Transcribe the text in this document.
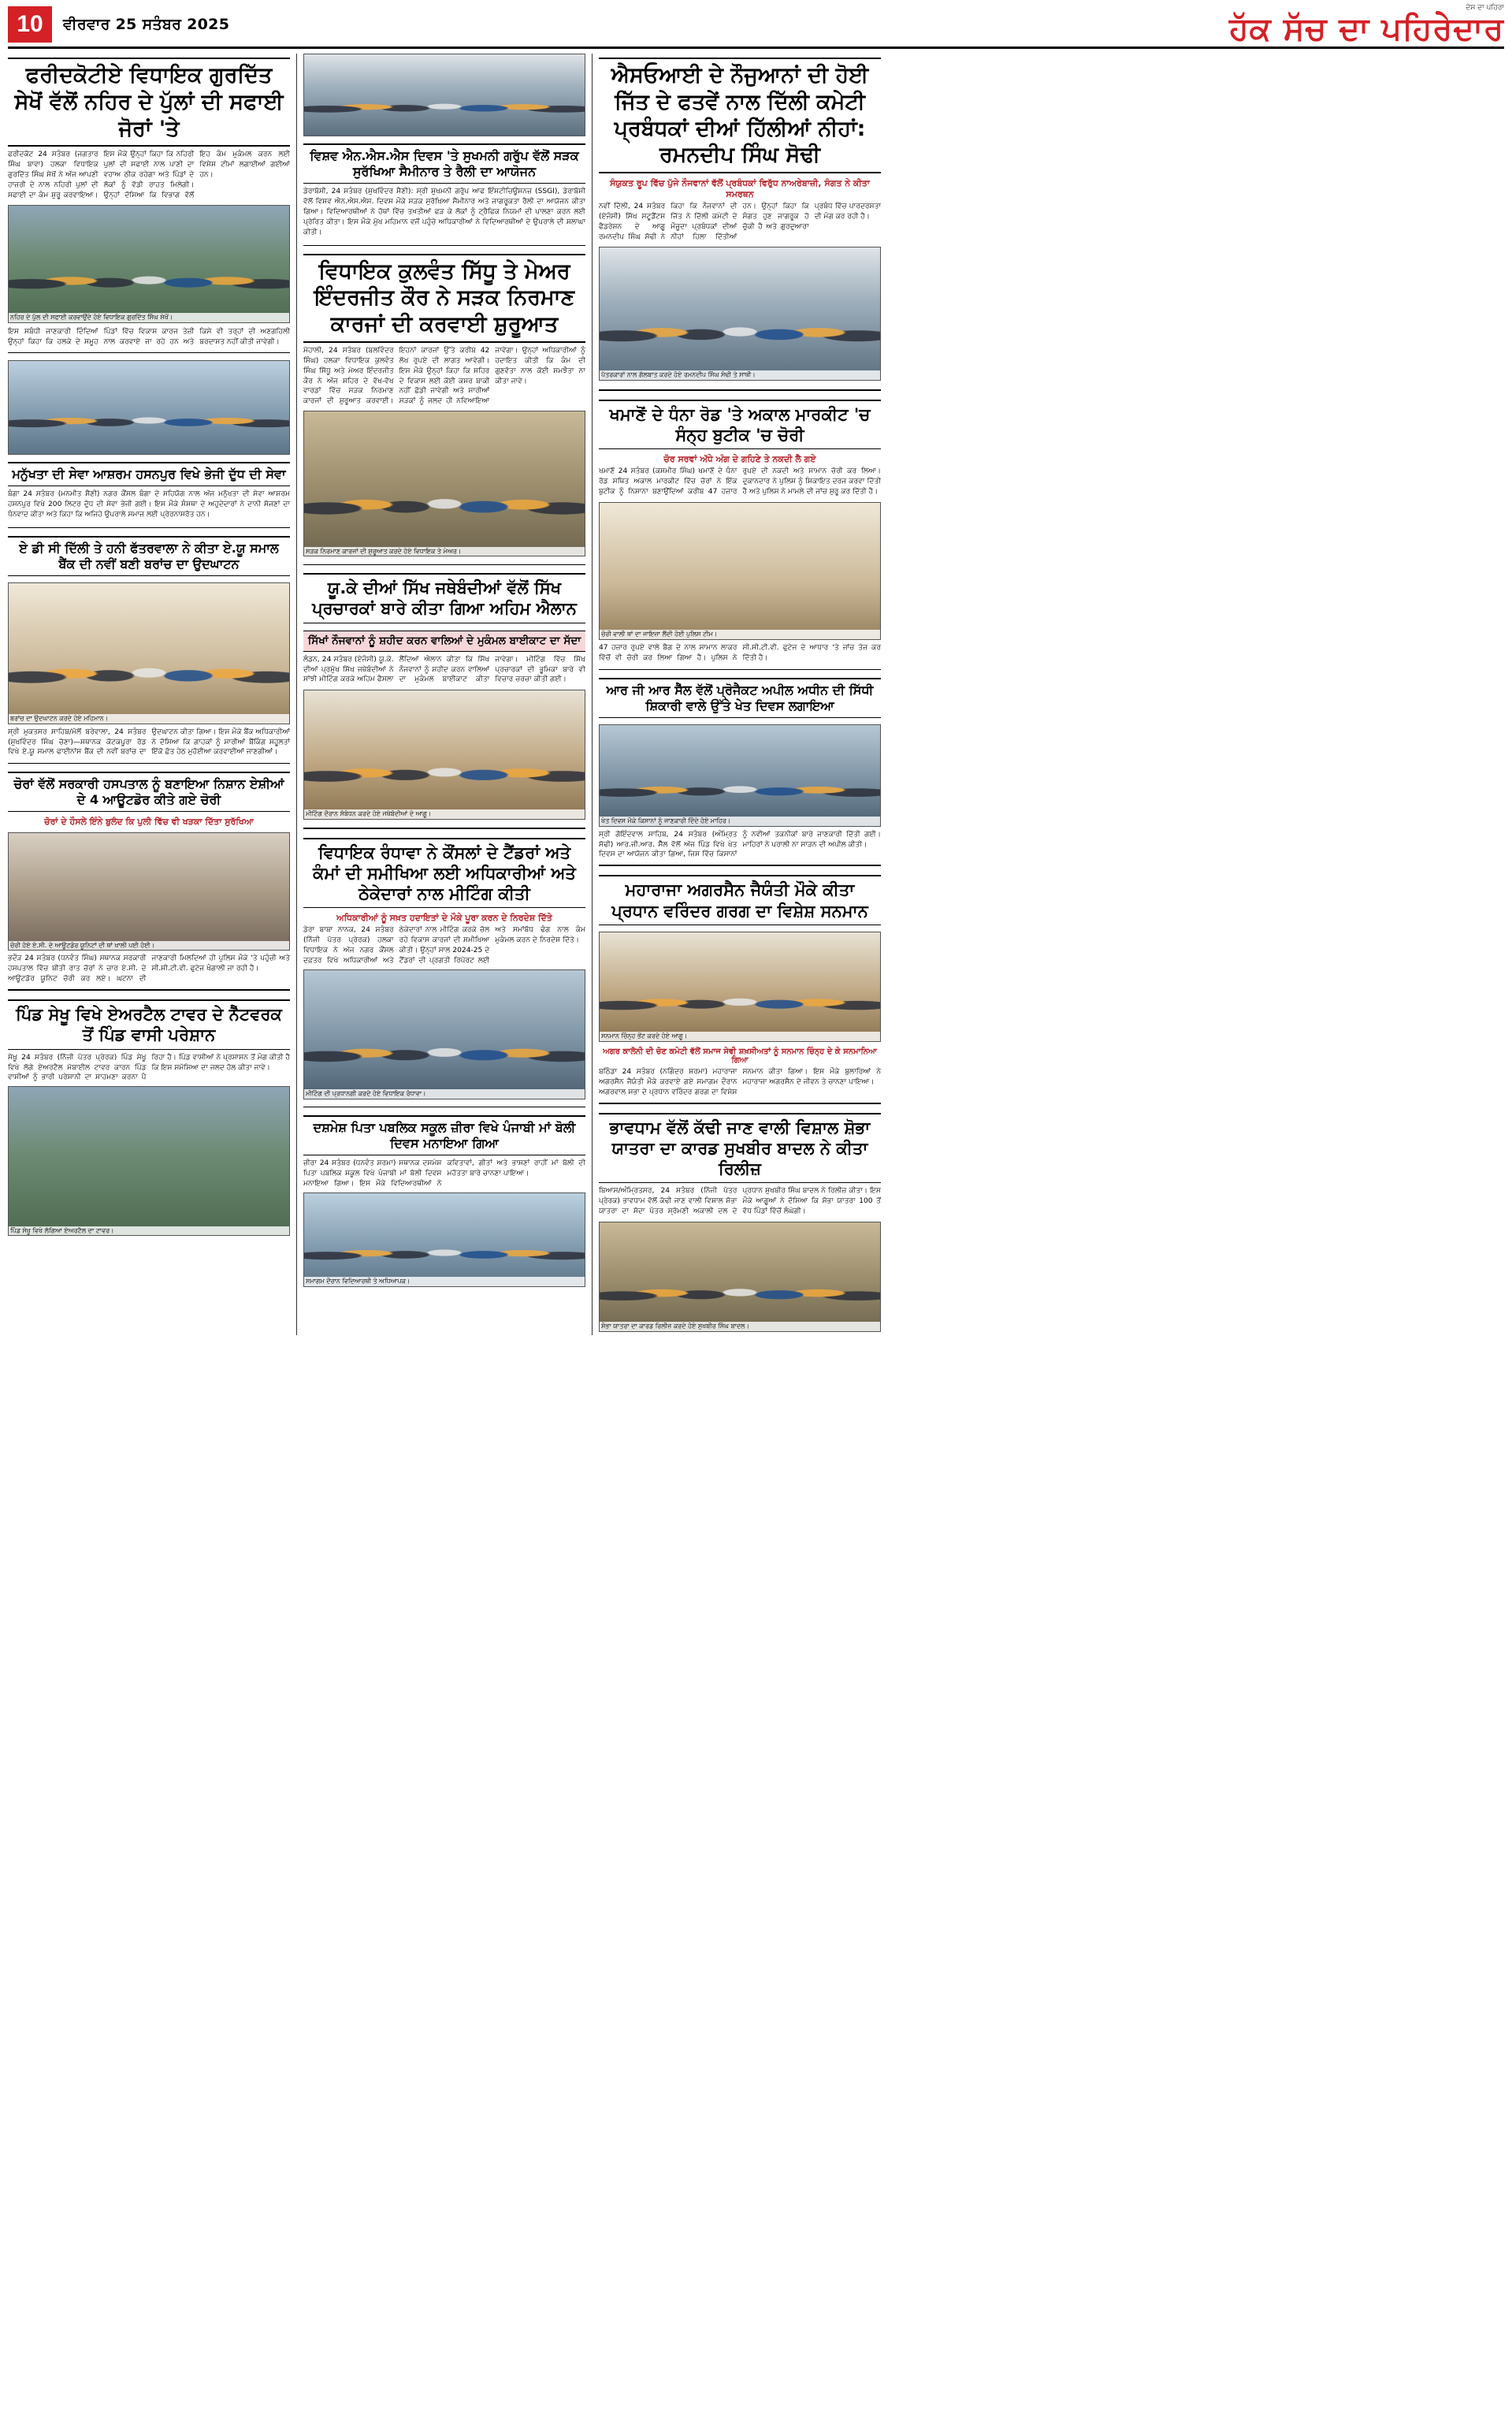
10	ਵੀਰਵਾਰ 25 ਸਤੰਬਰ 2025
ਦੇਸ ਦਾ ਪਹਿਰਾ
ਹੱਕ ਸੱਚ ਦਾ ਪਹਿਰੇਦਾਰ
ਫਰੀਦਕੋਟੀਏ ਵਿਧਾਇਕ ਗੁਰਦਿੱਤ ਸੇਖੋਂ ਵੱਲੋਂ ਨਹਿਰ ਦੇ ਪੁੱਲਾਂ ਦੀ ਸਫਾਈ ਜੋਰਾਂ 'ਤੇ

ਫਰੀਦਕੋਟ 24 ਸਤੰਬਰ (ਜਗਤਾਰ ਸਿੰਘ ਬਾਵਾ) ਹਲਕਾ ਵਿਧਾਇਕ ਗੁਰਦਿੱਤ ਸਿੰਘ ਸੇਖੋਂ ਨੇ ਅੱਜ ਆਪਣੀ ਹਾਜ਼ਰੀ ਦੇ ਨਾਲ ਨਹਿਰੀ ਪੁਲਾਂ ਦੀ ਸਫਾਈ ਦਾ ਕੰਮ ਸ਼ੁਰੂ ਕਰਵਾਇਆ। ਇਸ ਮੌਕੇ ਉਨ੍ਹਾਂ ਕਿਹਾ ਕਿ ਨਹਿਰੀ ਪੁਲਾਂ ਦੀ ਸਫਾਈ ਨਾਲ ਪਾਣੀ ਦਾ ਵਹਾਅ ਠੀਕ ਰਹੇਗਾ ਅਤੇ ਪਿੰਡਾਂ ਦੇ ਲੋਕਾਂ ਨੂੰ ਵੱਡੀ ਰਾਹਤ ਮਿਲੇਗੀ। ਉਨ੍ਹਾਂ ਦੱਸਿਆ ਕਿ ਵਿਭਾਗ ਵੱਲੋਂ ਇਹ ਕੰਮ ਮੁਕੰਮਲ ਕਰਨ ਲਈ ਵਿਸ਼ੇਸ਼ ਟੀਮਾਂ ਲਗਾਈਆਂ ਗਈਆਂ ਹਨ।

ਨਹਿਰ ਦੇ ਪੁੱਲ ਦੀ ਸਫਾਈ ਕਰਵਾਉਂਦੇ ਹੋਏ ਵਿਧਾਇਕ ਗੁਰਦਿੱਤ ਸਿੰਘ ਸੇਖੋਂ।

ਇਸ ਸਬੰਧੀ ਜਾਣਕਾਰੀ ਦਿੰਦਿਆਂ ਉਨ੍ਹਾਂ ਕਿਹਾ ਕਿ ਹਲਕੇ ਦੇ ਸਮੂਹ ਪਿੰਡਾਂ ਵਿੱਚ ਵਿਕਾਸ ਕਾਰਜ ਤੇਜ਼ੀ ਨਾਲ ਕਰਵਾਏ ਜਾ ਰਹੇ ਹਨ ਅਤੇ ਕਿਸੇ ਵੀ ਤਰ੍ਹਾਂ ਦੀ ਅਣਗਹਿਲੀ ਬਰਦਾਸ਼ਤ ਨਹੀਂ ਕੀਤੀ ਜਾਵੇਗੀ।

ਮਨੁੱਖਤਾ ਦੀ ਸੇਵਾ ਆਸ਼ਰਮ ਹਸਨਪੁਰ ਵਿਖੇ ਭੇਜੀ ਦੁੱਧ ਦੀ ਸੇਵਾ

ਬੰਗਾ 24 ਸਤੰਬਰ (ਮਨਮੀਤ ਸੈਣੀ) ਨਗਰ ਕੌਂਸਲ ਬੰਗਾ ਦੇ ਸਹਿਯੋਗ ਨਾਲ ਅੱਜ ਮਨੁੱਖਤਾ ਦੀ ਸੇਵਾ ਆਸ਼ਰਮ ਹਸਨਪੁਰ ਵਿਖੇ 200 ਲਿਟਰ ਦੁੱਧ ਦੀ ਸੇਵਾ ਭੇਜੀ ਗਈ। ਇਸ ਮੌਕੇ ਸੰਸਥਾ ਦੇ ਅਹੁਦੇਦਾਰਾਂ ਨੇ ਦਾਨੀ ਸੱਜਣਾਂ ਦਾ ਧੰਨਵਾਦ ਕੀਤਾ ਅਤੇ ਕਿਹਾ ਕਿ ਅਜਿਹੇ ਉਪਰਾਲੇ ਸਮਾਜ ਲਈ ਪ੍ਰੇਰਨਾਸਰੋਤ ਹਨ।

ਏ ਡੀ ਸੀ ਦਿੱਲੀ ਤੇ ਹਨੀ ਫੱਤਰਵਾਲਾ ਨੇ ਕੀਤਾ ਏ.ਯੂ ਸਮਾਲ ਬੈਂਕ ਦੀ ਨਵੀਂ ਬਣੀ ਬਰਾਂਚ ਦਾ ਉਦਘਾਟਨ
ਬਰਾਂਚ ਦਾ ਉਦਘਾਟਨ ਕਰਦੇ ਹੋਏ ਮਹਿਮਾਨ।

ਸ੍ਰੀ ਮੁਕਤਸਰ ਸਾਹਿਬ/ਮੱਲੋਂ ਬਰੇਵਾਲਾ, 24 ਸਤੰਬਰ (ਸੁਖਵਿੰਦਰ ਸਿੰਘ ਚੋਣਾ)—ਸਥਾਨਕ ਕੋਟਕਪੂਰਾ ਰੋਡ ਵਿਖੇ ਏ.ਯੂ ਸਮਾਲ ਫਾਈਨਾਂਸ ਬੈਂਕ ਦੀ ਨਵੀਂ ਬਰਾਂਚ ਦਾ ਉਦਘਾਟਨ ਕੀਤਾ ਗਿਆ। ਇਸ ਮੌਕੇ ਬੈਂਕ ਅਧਿਕਾਰੀਆਂ ਨੇ ਦੱਸਿਆ ਕਿ ਗਾਹਕਾਂ ਨੂੰ ਸਾਰੀਆਂ ਬੈਂਕਿੰਗ ਸਹੂਲਤਾਂ ਇੱਕੋ ਛੱਤ ਹੇਠ ਮੁਹੱਈਆ ਕਰਵਾਈਆਂ ਜਾਣਗੀਆਂ।

ਚੋਰਾਂ ਵੱਲੋਂ ਸਰਕਾਰੀ ਹਸਪਤਾਲ ਨੂੰ ਬਣਾਇਆ ਨਿਸ਼ਾਨ ਏਸ਼ੀਆਂ ਦੇ 4 ਆਊਟਡੋਰ ਕੀਤੇ ਗਏ ਚੋਰੀ
ਚੋਰਾਂ ਦੇ ਹੌਸਲੇ ਇੰਨੇ ਬੁਲੰਦ ਕਿ ਪੁਲੀ ਵਿੱਚ ਵੀ ਖੜਕਾ ਦਿੱਤਾ ਸੁਰੱਖਿਆ
ਚੋਰੀ ਹੋਏ ਏ.ਸੀ. ਦੇ ਆਊਟਡੋਰ ਯੂਨਿਟਾਂ ਦੀ ਥਾਂ ਖਾਲੀ ਪਈ ਹੋਈ।

ਭਦੌੜ 24 ਸਤੰਬਰ (ਧਨਵੰਤ ਸਿੰਘ) ਸਥਾਨਕ ਸਰਕਾਰੀ ਹਸਪਤਾਲ ਵਿੱਚ ਬੀਤੀ ਰਾਤ ਚੋਰਾਂ ਨੇ ਚਾਰ ਏ.ਸੀ. ਦੇ ਆਊਟਡੋਰ ਯੂਨਿਟ ਚੋਰੀ ਕਰ ਲਏ। ਘਟਨਾ ਦੀ ਜਾਣਕਾਰੀ ਮਿਲਦਿਆਂ ਹੀ ਪੁਲਿਸ ਮੌਕੇ 'ਤੇ ਪਹੁੰਚੀ ਅਤੇ ਸੀ.ਸੀ.ਟੀ.ਵੀ. ਫੁਟੇਜ ਖੰਗਾਲੀ ਜਾ ਰਹੀ ਹੈ।

ਪਿੰਡ ਸੇਖੂ ਵਿਖੇ ਏਅਰਟੈਲ ਟਾਵਰ ਦੇ ਨੈੱਟਵਰਕ ਤੋਂ ਪਿੰਡ ਵਾਸੀ ਪਰੇਸ਼ਾਨ

ਸੇਖੂ 24 ਸਤੰਬਰ (ਨਿੱਜੀ ਪੱਤਰ ਪ੍ਰੇਰਕ) ਪਿੰਡ ਸੇਖੂ ਵਿਖੇ ਲੱਗੇ ਏਅਰਟੈਲ ਮੋਬਾਈਲ ਟਾਵਰ ਕਾਰਨ ਪਿੰਡ ਵਾਸੀਆਂ ਨੂੰ ਭਾਰੀ ਪਰੇਸ਼ਾਨੀ ਦਾ ਸਾਹਮਣਾ ਕਰਨਾ ਪੈ ਰਿਹਾ ਹੈ। ਪਿੰਡ ਵਾਸੀਆਂ ਨੇ ਪ੍ਰਸ਼ਾਸਨ ਤੋਂ ਮੰਗ ਕੀਤੀ ਹੈ ਕਿ ਇਸ ਸਮੱਸਿਆ ਦਾ ਜਲਦ ਹੱਲ ਕੀਤਾ ਜਾਵੇ।

ਪਿੰਡ ਸੇਖੂ ਵਿਖੇ ਲੱਗਿਆ ਏਅਰਟੈਲ ਦਾ ਟਾਵਰ।
ਵਿਸ਼ਵ ਐਨ.ਐਸ.ਐਸ ਦਿਵਸ 'ਤੇ ਸੁਖਮਨੀ ਗਰੁੱਪ ਵੱਲੋਂ ਸੜਕ ਸੁਰੱਖਿਆ ਸੈਮੀਨਾਰ ਤੇ ਰੈਲੀ ਦਾ ਆਯੋਜਨ

ਡੇਰਾਬੱਸੀ, 24 ਸਤੰਬਰ (ਸੁਖਵਿੰਦਰ ਸੈਣੀ): ਸ੍ਰੀ ਸੁਖਮਨੀ ਗਰੁੱਪ ਆਫ ਇੰਸਟੀਚਿਊਸ਼ਨਜ਼ (SSGI), ਡੇਰਾਬੱਸੀ ਵੱਲੋਂ ਵਿਸ਼ਵ ਐਨ.ਐਸ.ਐਸ. ਦਿਵਸ ਮੌਕੇ ਸੜਕ ਸੁਰੱਖਿਆ ਸੈਮੀਨਾਰ ਅਤੇ ਜਾਗਰੂਕਤਾ ਰੈਲੀ ਦਾ ਆਯੋਜਨ ਕੀਤਾ ਗਿਆ। ਵਿਦਿਆਰਥੀਆਂ ਨੇ ਹੱਥਾਂ ਵਿੱਚ ਤਖ਼ਤੀਆਂ ਫੜ ਕੇ ਲੋਕਾਂ ਨੂੰ ਟ੍ਰੈਫਿਕ ਨਿਯਮਾਂ ਦੀ ਪਾਲਣਾ ਕਰਨ ਲਈ ਪ੍ਰੇਰਿਤ ਕੀਤਾ। ਇਸ ਮੌਕੇ ਮੁੱਖ ਮਹਿਮਾਨ ਵਜੋਂ ਪਹੁੰਚੇ ਅਧਿਕਾਰੀਆਂ ਨੇ ਵਿਦਿਆਰਥੀਆਂ ਦੇ ਉਪਰਾਲੇ ਦੀ ਸ਼ਲਾਘਾ ਕੀਤੀ।

ਵਿਧਾਇਕ ਕੁਲਵੰਤ ਸਿੱਧੂ ਤੇ ਮੇਅਰ ਇੰਦਰਜੀਤ ਕੌਰ ਨੇ ਸੜਕ ਨਿਰਮਾਣ ਕਾਰਜਾਂ ਦੀ ਕਰਵਾਈ ਸ਼ੁਰੂਆਤ

ਮੋਹਾਲੀ, 24 ਸਤੰਬਰ (ਬਲਵਿੰਦਰ ਸਿੰਘ) ਹਲਕਾ ਵਿਧਾਇਕ ਕੁਲਵੰਤ ਸਿੰਘ ਸਿੱਧੂ ਅਤੇ ਮੇਅਰ ਇੰਦਰਜੀਤ ਕੌਰ ਨੇ ਅੱਜ ਸ਼ਹਿਰ ਦੇ ਵੱਖ-ਵੱਖ ਵਾਰਡਾਂ ਵਿੱਚ ਸੜਕ ਨਿਰਮਾਣ ਕਾਰਜਾਂ ਦੀ ਸ਼ੁਰੂਆਤ ਕਰਵਾਈ। ਇਹਨਾਂ ਕਾਰਜਾਂ ਉੱਤੇ ਕਰੀਬ 42 ਲੱਖ ਰੁਪਏ ਦੀ ਲਾਗਤ ਆਵੇਗੀ। ਇਸ ਮੌਕੇ ਉਨ੍ਹਾਂ ਕਿਹਾ ਕਿ ਸ਼ਹਿਰ ਦੇ ਵਿਕਾਸ ਲਈ ਕੋਈ ਕਸਰ ਬਾਕੀ ਨਹੀਂ ਛੱਡੀ ਜਾਵੇਗੀ ਅਤੇ ਸਾਰੀਆਂ ਸੜਕਾਂ ਨੂੰ ਜਲਦ ਹੀ ਨਵਿਆਇਆ ਜਾਵੇਗਾ। ਉਨ੍ਹਾਂ ਅਧਿਕਾਰੀਆਂ ਨੂੰ ਹਦਾਇਤ ਕੀਤੀ ਕਿ ਕੰਮ ਦੀ ਗੁਣਵੱਤਾ ਨਾਲ ਕੋਈ ਸਮਝੌਤਾ ਨਾ ਕੀਤਾ ਜਾਵੇ।

ਸੜਕ ਨਿਰਮਾਣ ਕਾਰਜਾਂ ਦੀ ਸ਼ੁਰੂਆਤ ਕਰਦੇ ਹੋਏ ਵਿਧਾਇਕ ਤੇ ਮੇਅਰ।
ਯੂ.ਕੇ ਦੀਆਂ ਸਿੱਖ ਜਥੇਬੰਦੀਆਂ ਵੱਲੋਂ ਸਿੱਖ ਪ੍ਰਚਾਰਕਾਂ ਬਾਰੇ ਕੀਤਾ ਗਿਆ ਅਹਿਮ ਐਲਾਨ
ਸਿੱਖਾਂ ਨੌਜਵਾਨਾਂ ਨੂੰ ਸ਼ਹੀਦ ਕਰਨ ਵਾਲਿਆਂ ਦੇ ਮੁਕੰਮਲ ਬਾਈਕਾਟ ਦਾ ਸੱਦਾ

ਲੰਡਨ, 24 ਸਤੰਬਰ (ਏਜੰਸੀ) ਯੂ.ਕੇ. ਦੀਆਂ ਪ੍ਰਮੁੱਖ ਸਿੱਖ ਜਥੇਬੰਦੀਆਂ ਨੇ ਸਾਂਝੀ ਮੀਟਿੰਗ ਕਰਕੇ ਅਹਿਮ ਫੈਸਲਾ ਲੈਂਦਿਆਂ ਐਲਾਨ ਕੀਤਾ ਕਿ ਸਿੱਖ ਨੌਜਵਾਨਾਂ ਨੂੰ ਸ਼ਹੀਦ ਕਰਨ ਵਾਲਿਆਂ ਦਾ ਮੁਕੰਮਲ ਬਾਈਕਾਟ ਕੀਤਾ ਜਾਵੇਗਾ। ਮੀਟਿੰਗ ਵਿੱਚ ਸਿੱਖ ਪ੍ਰਚਾਰਕਾਂ ਦੀ ਭੂਮਿਕਾ ਬਾਰੇ ਵੀ ਵਿਚਾਰ ਚਰਚਾ ਕੀਤੀ ਗਈ।

ਮੀਟਿੰਗ ਦੌਰਾਨ ਸੰਬੋਧਨ ਕਰਦੇ ਹੋਏ ਜਥੇਬੰਦੀਆਂ ਦੇ ਆਗੂ।
ਵਿਧਾਇਕ ਰੰਧਾਵਾ ਨੇ ਕੌਂਸਲਾਂ ਦੇ ਟੈਂਡਰਾਂ ਅਤੇ ਕੰਮਾਂ ਦੀ ਸਮੀਖਿਆ ਲਈ ਅਧਿਕਾਰੀਆਂ ਅਤੇ ਠੇਕੇਦਾਰਾਂ ਨਾਲ ਮੀਟਿੰਗ ਕੀਤੀ
ਅਧਿਕਾਰੀਆਂ ਨੂੰ ਸਖ਼ਤ ਹਦਾਇਤਾਂ ਦੇ ਮੌਕੇ ਪੂਰਾ ਕਰਨ ਦੇ ਨਿਰਦੇਸ਼ ਦਿੱਤੇ

ਡੇਰਾ ਬਾਬਾ ਨਾਨਕ, 24 ਸਤੰਬਰ (ਨਿੱਜੀ ਪੱਤਰ ਪ੍ਰੇਰਕ) ਹਲਕਾ ਵਿਧਾਇਕ ਨੇ ਅੱਜ ਨਗਰ ਕੌਂਸਲ ਦਫ਼ਤਰ ਵਿਖੇ ਅਧਿਕਾਰੀਆਂ ਅਤੇ ਠੇਕੇਦਾਰਾਂ ਨਾਲ ਮੀਟਿੰਗ ਕਰਕੇ ਚੱਲ ਰਹੇ ਵਿਕਾਸ ਕਾਰਜਾਂ ਦੀ ਸਮੀਖਿਆ ਕੀਤੀ। ਉਨ੍ਹਾਂ ਸਾਲ 2024-25 ਦੇ ਟੈਂਡਰਾਂ ਦੀ ਪ੍ਰਗਤੀ ਰਿਪੋਰਟ ਲਈ ਅਤੇ ਸਮਾਂਬੱਧ ਢੰਗ ਨਾਲ ਕੰਮ ਮੁਕੰਮਲ ਕਰਨ ਦੇ ਨਿਰਦੇਸ਼ ਦਿੱਤੇ।

ਮੀਟਿੰਗ ਦੀ ਪ੍ਰਧਾਨਗੀ ਕਰਦੇ ਹੋਏ ਵਿਧਾਇਕ ਰੰਧਾਵਾ।
ਦਸ਼ਮੇਸ਼ ਪਿਤਾ ਪਬਲਿਕ ਸਕੂਲ ਜ਼ੀਰਾ ਵਿਖੇ ਪੰਜਾਬੀ ਮਾਂ ਬੋਲੀ ਦਿਵਸ ਮਨਾਇਆ ਗਿਆ

ਜ਼ੀਰਾ 24 ਸਤੰਬਰ (ਧਨਵੰਤ ਸ਼ਰਮਾ) ਸਥਾਨਕ ਦਸ਼ਮੇਸ਼ ਪਿਤਾ ਪਬਲਿਕ ਸਕੂਲ ਵਿਖੇ ਪੰਜਾਬੀ ਮਾਂ ਬੋਲੀ ਦਿਵਸ ਮਨਾਇਆ ਗਿਆ। ਇਸ ਮੌਕੇ ਵਿਦਿਆਰਥੀਆਂ ਨੇ ਕਵਿਤਾਵਾਂ, ਗੀਤਾਂ ਅਤੇ ਭਾਸ਼ਣਾਂ ਰਾਹੀਂ ਮਾਂ ਬੋਲੀ ਦੀ ਮਹੱਤਤਾ ਬਾਰੇ ਚਾਨਣਾ ਪਾਇਆ।

ਸਮਾਗਮ ਦੌਰਾਨ ਵਿਦਿਆਰਥੀ ਤੇ ਅਧਿਆਪਕ।
ਐਸਓਆਈ ਦੇ ਨੌਜੁਆਨਾਂ ਦੀ ਹੋਈ ਜਿੱਤ ਦੇ ਫਤਵੇਂ ਨਾਲ ਦਿੱਲੀ ਕਮੇਟੀ ਪ੍ਰਬੰਧਕਾਂ ਦੀਆਂ ਹਿੱਲੀਆਂ ਨੀਹਾਂ: ਰਮਨਦੀਪ ਸਿੰਘ ਸੋਢੀ
ਸੰਯੁਕਤ ਰੂਪ ਵਿੱਚ ਪੁੱਜੇ ਨੌਜਵਾਨਾਂ ਵੱਲੋਂ ਪ੍ਰਬੰਧਕਾਂ ਵਿਰੁੱਧ ਨਾਅਰੇਬਾਜ਼ੀ, ਸੰਗਤ ਨੇ ਕੀਤਾ ਸਮਰਥਨ

ਨਵੀਂ ਦਿੱਲੀ, 24 ਸਤੰਬਰ (ਏਜੰਸੀ) ਸਿੱਖ ਸਟੂਡੈਂਟਸ ਫੈਡਰੇਸ਼ਨ ਦੇ ਆਗੂ ਰਮਨਦੀਪ ਸਿੰਘ ਸੋਢੀ ਨੇ ਕਿਹਾ ਕਿ ਨੌਜਵਾਨਾਂ ਦੀ ਜਿੱਤ ਨੇ ਦਿੱਲੀ ਕਮੇਟੀ ਦੇ ਮੌਜੂਦਾ ਪ੍ਰਬੰਧਕਾਂ ਦੀਆਂ ਨੀਹਾਂ ਹਿਲਾ ਦਿੱਤੀਆਂ ਹਨ। ਉਨ੍ਹਾਂ ਕਿਹਾ ਕਿ ਸੰਗਤ ਹੁਣ ਜਾਗਰੂਕ ਹੋ ਚੁੱਕੀ ਹੈ ਅਤੇ ਗੁਰਦੁਆਰਾ ਪ੍ਰਬੰਧ ਵਿੱਚ ਪਾਰਦਰਸ਼ਤਾ ਦੀ ਮੰਗ ਕਰ ਰਹੀ ਹੈ।

ਪੱਤਰਕਾਰਾਂ ਨਾਲ ਗੱਲਬਾਤ ਕਰਦੇ ਹੋਏ ਰਮਨਦੀਪ ਸਿੰਘ ਸੋਢੀ ਤੇ ਸਾਥੀ।
ਖਮਾਣੋਂ ਦੇ ਧੰਨਾ ਰੋਡ 'ਤੇ ਅਕਾਲ ਮਾਰਕੀਟ 'ਚ ਸੰਨ੍ਹ ਬੁਟੀਕ 'ਚ ਚੋਰੀ
ਚੋਰ ਸਰਵਾਂ ਅੱਧੇ ਅੰਗ ਦੇ ਗਹਿਣੇ ਤੇ ਨਕਦੀ ਲੈ ਗਏ

ਖਮਾਣੋਂ 24 ਸਤੰਬਰ (ਕਸ਼ਮੀਰ ਸਿੰਘ) ਖਮਾਣੋਂ ਦੇ ਧੰਨਾ ਰੋਡ ਸਥਿਤ ਅਕਾਲ ਮਾਰਕੀਟ ਵਿੱਚ ਚੋਰਾਂ ਨੇ ਇੱਕ ਬੁਟੀਕ ਨੂੰ ਨਿਸ਼ਾਨਾ ਬਣਾਉਂਦਿਆਂ ਕਰੀਬ 47 ਹਜ਼ਾਰ ਰੁਪਏ ਦੀ ਨਕਦੀ ਅਤੇ ਸਾਮਾਨ ਚੋਰੀ ਕਰ ਲਿਆ। ਦੁਕਾਨਦਾਰ ਨੇ ਪੁਲਿਸ ਨੂੰ ਸ਼ਿਕਾਇਤ ਦਰਜ ਕਰਵਾ ਦਿੱਤੀ ਹੈ ਅਤੇ ਪੁਲਿਸ ਨੇ ਮਾਮਲੇ ਦੀ ਜਾਂਚ ਸ਼ੁਰੂ ਕਰ ਦਿੱਤੀ ਹੈ।

ਚੋਰੀ ਵਾਲੀ ਥਾਂ ਦਾ ਜਾਇਜ਼ਾ ਲੈਂਦੀ ਹੋਈ ਪੁਲਿਸ ਟੀਮ।

47 ਹਜ਼ਾਰ ਰੁਪਏ ਵਾਲੇ ਬੈਗ ਦੇ ਨਾਲ ਸਾਮਾਨ ਲਾਕਰ ਵਿੱਚੋਂ ਵੀ ਚੋਰੀ ਕਰ ਲਿਆ ਗਿਆ ਹੈ। ਪੁਲਿਸ ਨੇ ਸੀ.ਸੀ.ਟੀ.ਵੀ. ਫੁਟੇਜ ਦੇ ਆਧਾਰ 'ਤੇ ਜਾਂਚ ਤੇਜ਼ ਕਰ ਦਿੱਤੀ ਹੈ।

ਆਰ ਜੀ ਆਰ ਸੈੱਲ ਵੱਲੋਂ ਪ੍ਰੋਜੈਕਟ ਅਪੀਲ ਅਧੀਨ ਦੀ ਸਿੱਧੀ ਸ਼ਿਕਾਰੀ ਵਾਲੇ ਉੱਤੇ ਖੇਤ ਦਿਵਸ ਲਗਾਇਆ
ਖੇਤ ਦਿਵਸ ਮੌਕੇ ਕਿਸਾਨਾਂ ਨੂੰ ਜਾਣਕਾਰੀ ਦਿੰਦੇ ਹੋਏ ਮਾਹਿਰ।

ਸ੍ਰੀ ਗੋਇੰਦਵਾਲ ਸਾਹਿਬ, 24 ਸਤੰਬਰ (ਅੰਮ੍ਰਿਤ ਸੋਢੀ) ਆਰ.ਜੀ.ਆਰ. ਸੈੱਲ ਵੱਲੋਂ ਅੱਜ ਪਿੰਡ ਵਿਖੇ ਖੇਤ ਦਿਵਸ ਦਾ ਆਯੋਜਨ ਕੀਤਾ ਗਿਆ, ਜਿਸ ਵਿੱਚ ਕਿਸਾਨਾਂ ਨੂੰ ਨਵੀਆਂ ਤਕਨੀਕਾਂ ਬਾਰੇ ਜਾਣਕਾਰੀ ਦਿੱਤੀ ਗਈ। ਮਾਹਿਰਾਂ ਨੇ ਪਰਾਲੀ ਨਾ ਸਾੜਨ ਦੀ ਅਪੀਲ ਕੀਤੀ।

ਮਹਾਰਾਜਾ ਅਗਰਸੈਨ ਜੈਯੰਤੀ ਮੌਕੇ ਕੀਤਾ ਪ੍ਰਧਾਨ ਵਰਿੰਦਰ ਗਰਗ ਦਾ ਵਿਸ਼ੇਸ਼ ਸਨਮਾਨ
ਸਨਮਾਨ ਚਿੰਨ੍ਹ ਭੇਂਟ ਕਰਦੇ ਹੋਏ ਆਗੂ।
ਅਗਰ ਕਾਲੋਨੀ ਦੀ ਚੋਣ ਕਮੇਟੀ ਵੱਲੋਂ ਸਮਾਜ ਸੇਵੀ ਸ਼ਖ਼ਸੀਅਤਾਂ ਨੂੰ ਸਨਮਾਨ ਚਿੰਨ੍ਹ ਦੇ ਕੇ ਸਨਮਾਨਿਆ ਗਿਆ

ਬਠਿੰਡਾ 24 ਸਤੰਬਰ (ਨਗਿੰਦਰ ਸ਼ਰਮਾ) ਮਹਾਰਾਜਾ ਅਗਰਸੈਨ ਜੈਯੰਤੀ ਮੌਕੇ ਕਰਵਾਏ ਗਏ ਸਮਾਗਮ ਦੌਰਾਨ ਅਗਰਵਾਲ ਸਭਾ ਦੇ ਪ੍ਰਧਾਨ ਵਰਿੰਦਰ ਗਰਗ ਦਾ ਵਿਸ਼ੇਸ਼ ਸਨਮਾਨ ਕੀਤਾ ਗਿਆ। ਇਸ ਮੌਕੇ ਬੁਲਾਰਿਆਂ ਨੇ ਮਹਾਰਾਜਾ ਅਗਰਸੈਨ ਦੇ ਜੀਵਨ ਤੇ ਚਾਨਣਾ ਪਾਇਆ।

ਭਾਵਧਾਮ ਵੱਲੋਂ ਕੱਢੀ ਜਾਣ ਵਾਲੀ ਵਿਸ਼ਾਲ ਸ਼ੋਭਾ ਯਾਤਰਾ ਦਾ ਕਾਰਡ ਸੁਖਬੀਰ ਬਾਦਲ ਨੇ ਕੀਤਾ ਰਿਲੀਜ਼

ਬਿਆਸ/ਅੰਮ੍ਰਿਤਸਰ, 24 ਸਤੰਬਰ (ਨਿੱਜੀ ਪੱਤਰ ਪ੍ਰੇਰਕ) ਭਾਵਧਾਮ ਵੱਲੋਂ ਕੱਢੀ ਜਾਣ ਵਾਲੀ ਵਿਸ਼ਾਲ ਸ਼ੋਭਾ ਯਾਤਰਾ ਦਾ ਸੱਦਾ ਪੱਤਰ ਸ਼੍ਰੋਮਣੀ ਅਕਾਲੀ ਦਲ ਦੇ ਪ੍ਰਧਾਨ ਸੁਖਬੀਰ ਸਿੰਘ ਬਾਦਲ ਨੇ ਰਿਲੀਜ਼ ਕੀਤਾ। ਇਸ ਮੌਕੇ ਆਗੂਆਂ ਨੇ ਦੱਸਿਆ ਕਿ ਸ਼ੋਭਾ ਯਾਤਰਾ 100 ਤੋਂ ਵੱਧ ਪਿੰਡਾਂ ਵਿੱਚੋਂ ਲੰਘੇਗੀ।

ਸ਼ੋਭਾ ਯਾਤਰਾ ਦਾ ਕਾਰਡ ਰਿਲੀਜ਼ ਕਰਦੇ ਹੋਏ ਸੁਖਬੀਰ ਸਿੰਘ ਬਾਦਲ।
